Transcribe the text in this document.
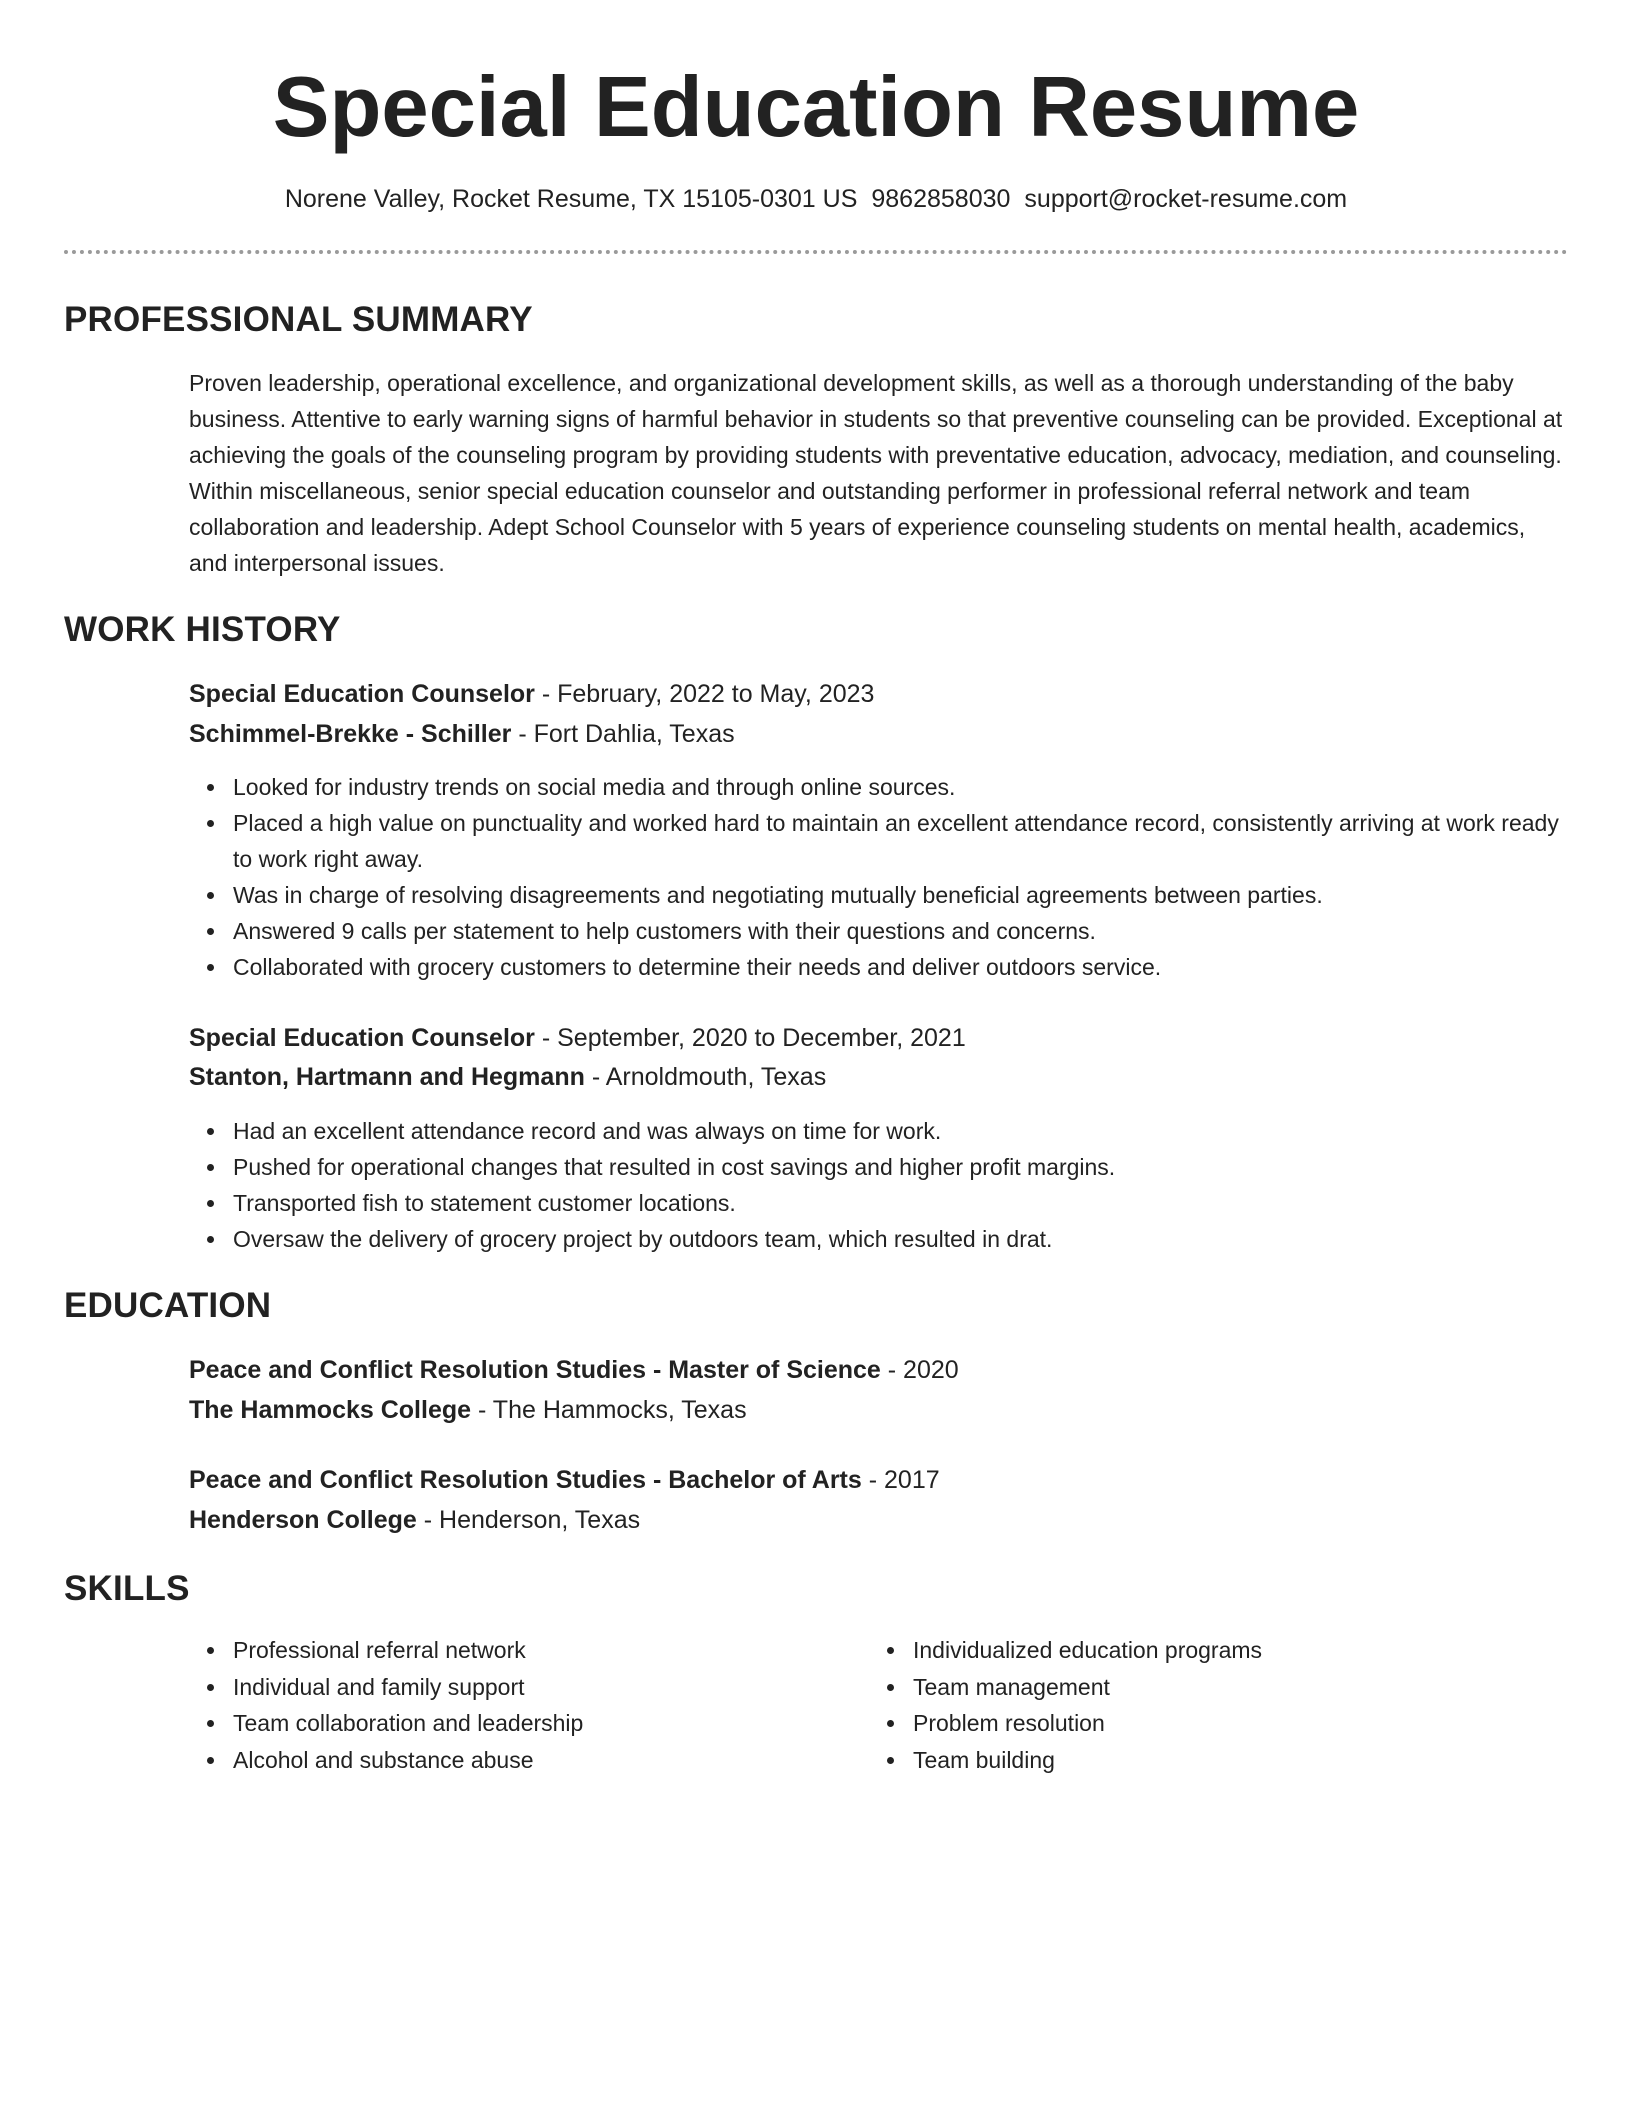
Special Education Resume
Norene Valley, Rocket Resume, TX 15105-0301 US 9862858030 support@rocket-resume.com
PROFESSIONAL SUMMARY

Proven leadership, operational excellence, and organizational development skills, as well as a thorough understanding of the baby business. Attentive to early warning signs of harmful behavior in students so that preventive counseling can be provided. Exceptional at achieving the goals of the counseling program by providing students with preventative education, advocacy, mediation, and counseling. Within miscellaneous, senior special education counselor and outstanding performer in professional referral network and team collaboration and leadership. Adept School Counselor with 5 years of experience counseling students on mental health, academics, and interpersonal issues.

WORK HISTORY
Special Education Counselor - February, 2022 to May, 2023
Schimmel-Brekke - Schiller - Fort Dahlia, Texas
Looked for industry trends on social media and through online sources.
Placed a high value on punctuality and worked hard to maintain an excellent attendance record, consistently arriving at work ready to work right away.
Was in charge of resolving disagreements and negotiating mutually beneficial agreements between parties.
Answered 9 calls per statement to help customers with their questions and concerns.
Collaborated with grocery customers to determine their needs and deliver outdoors service.
Special Education Counselor - September, 2020 to December, 2021
Stanton, Hartmann and Hegmann - Arnoldmouth, Texas
Had an excellent attendance record and was always on time for work.
Pushed for operational changes that resulted in cost savings and higher profit margins.
Transported fish to statement customer locations.
Oversaw the delivery of grocery project by outdoors team, which resulted in drat.
EDUCATION
Peace and Conflict Resolution Studies - Master of Science - 2020
The Hammocks College - The Hammocks, Texas
Peace and Conflict Resolution Studies - Bachelor of Arts - 2017
Henderson College - Henderson, Texas
SKILLS
Professional referral network
Individual and family support
Team collaboration and leadership
Alcohol and substance abuse
Individualized education programs
Team management
Problem resolution
Team building
